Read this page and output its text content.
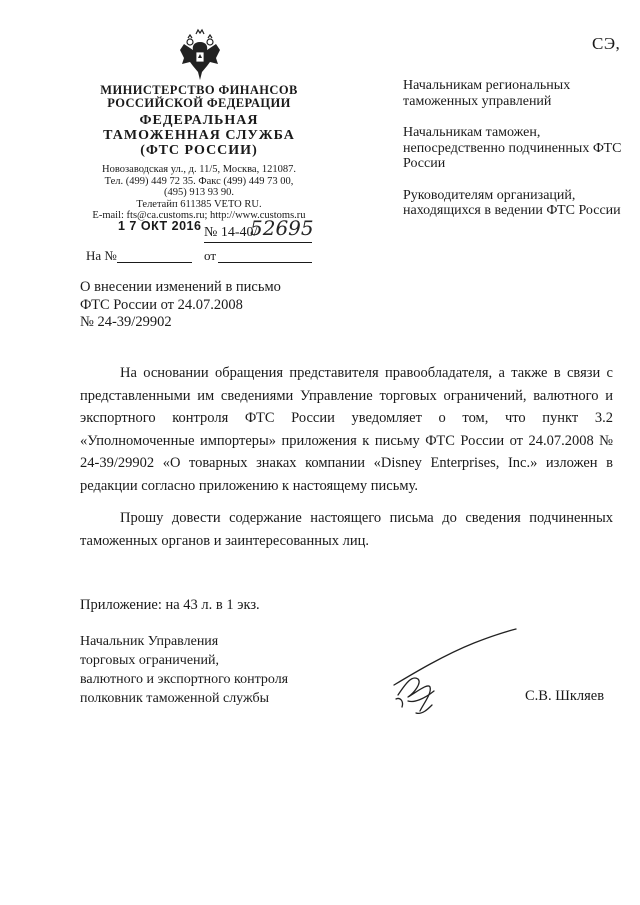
СЭ,
МИНИСТЕРСТВО ФИНАНСОВ
РОССИЙСКОЙ ФЕДЕРАЦИИ
ФЕДЕРАЛЬНАЯ
ТАМОЖЕННАЯ СЛУЖБА
(ФТС РОССИИ)
Новозаводская ул., д. 11/5, Москва, 121087.
Тел. (499) 449 72 35. Факс (499) 449 73 00,
(495) 913 93 90.
Телетайп 611385 VETO RU.
E-mail: fts@ca.customs.ru; http://www.customs.ru
1 7 ОКТ 2016 № 14-40/
52695
На №	от

Начальникам региональных таможенных управлений

Начальникам таможен, непосредственно подчиненных ФТС России

Руководителям организаций, находящихся в ведении ФТС России

О внесении изменений в письмо
ФТС России от 24.07.2008
№ 24-39/29902

На основании обращения представителя правообладателя, а также в связи с представленными им сведениями Управление торговых ограничений, валютного и экспортного контроля ФТС России уведомляет о том, что пункт 3.2 «Уполномоченные импортеры» приложения к письму ФТС России от 24.07.2008 № 24-39/29902 «О товарных знаках компании «Disney Enterprises, Inc.» изложен в редакции согласно приложению к настоящему письму.

Прошу довести содержание настоящего письма до сведения подчиненных таможенных органов и заинтересованных лиц.

Приложение: на 43 л. в 1 экз.
Начальник Управления
торговых ограничений,
валютного и экспортного контроля
полковник таможенной службы	С.В. Шкляев
